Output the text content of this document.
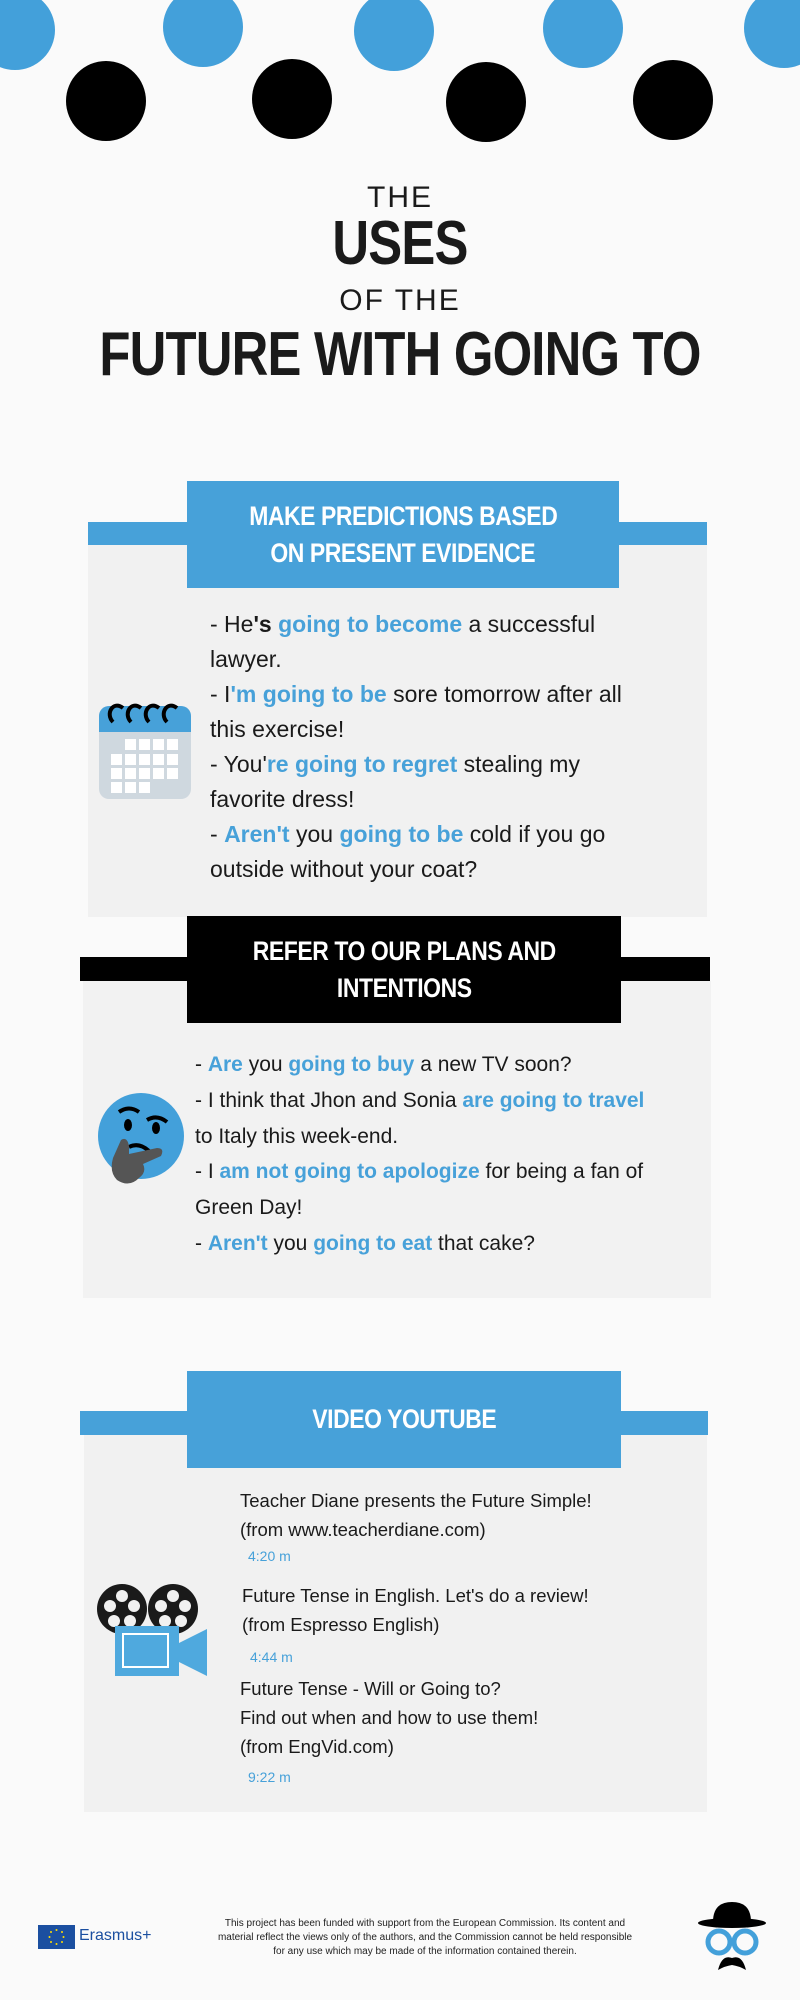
THE
USES
OF THE
FUTURE WITH GOING TO
MAKE PREDICTIONS BASED
ON PRESENT EVIDENCE
- He's going to become a successful
lawyer.
- I'm going to be sore tomorrow after all
this exercise!
- You're going to regret stealing my
favorite dress!
- Aren't you going to be cold if you go
outside without your coat?
REFER TO OUR PLANS AND
INTENTIONS
- Are you going to buy a new TV soon?
- I think that Jhon and Sonia are going to travel
to Italy this week-end.
- I am not going to apologize for being a fan of
Green Day!
- Aren't you going to eat that cake?
VIDEO YOUTUBE
Teacher Diane presents the Future Simple!
(from www.teacherdiane.com)
4:20 m
Future Tense in English. Let's do a review!
(from Espresso English)
4:44 m
Future Tense - Will or Going to?
Find out when and how to use them!
(from EngVid.com)
9:22 m
Erasmus+
This project has been funded with support from the European Commission. Its content and
material reflect the views only of the authors, and the Commission cannot be held responsible
for any use which may be made of the information contained therein.
